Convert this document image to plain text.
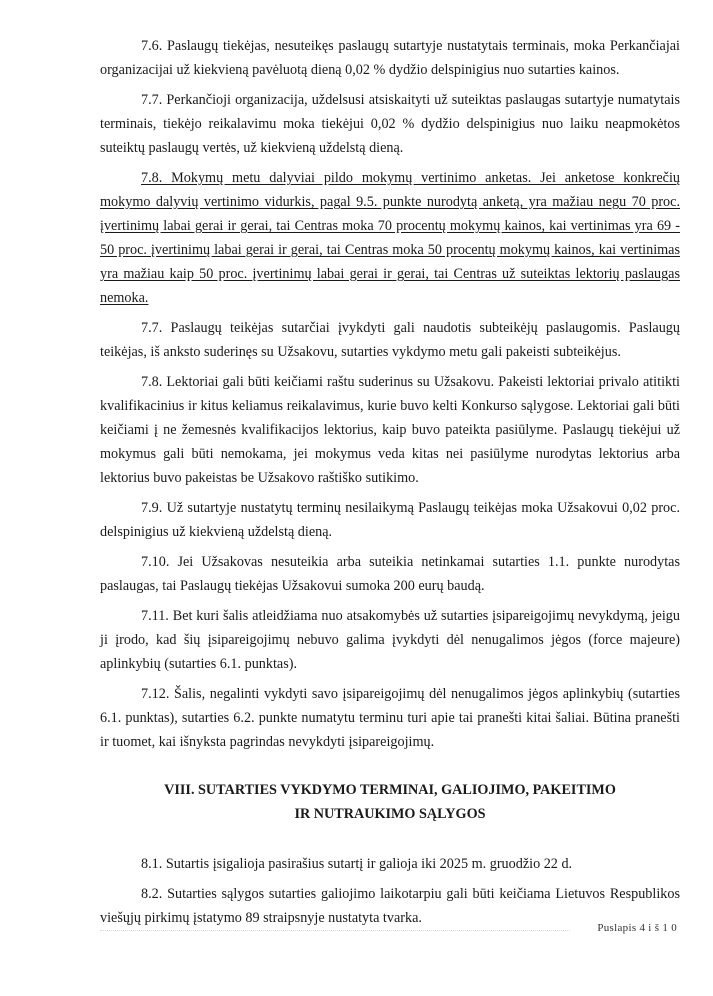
7.6. Paslaugų tiekėjas, nesuteikęs paslaugų sutartyje nustatytais terminais, moka Perkančiajai organizacijai už kiekvieną pavėluotą dieną 0,02 % dydžio delspinigius nuo sutarties kainos.

7.7. Perkančioji organizacija, uždelsusi atsiskaityti už suteiktas paslaugas sutartyje numatytais terminais, tiekėjo reikalavimu moka tiekėjui 0,02 % dydžio delspinigius nuo laiku neapmokėtos suteiktų paslaugų vertės, už kiekvieną uždelstą dieną.

7.8. Mokymų metu dalyviai pildo mokymų vertinimo anketas. Jei anketose konkrečių mokymo dalyvių vertinimo vidurkis, pagal 9.5. punkte nurodytą anketą, yra mažiau negu 70 proc. įvertinimų labai gerai ir gerai, tai Centras moka 70 procentų mokymų kainos, kai vertinimas yra 69 - 50 proc. įvertinimų labai gerai ir gerai, tai Centras moka 50 procentų mokymų kainos, kai vertinimas yra mažiau kaip 50 proc. įvertinimų labai gerai ir gerai, tai Centras už suteiktas lektorių paslaugas nemoka.

7.7. Paslaugų teikėjas sutarčiai įvykdyti gali naudotis subteikėjų paslaugomis. Paslaugų teikėjas, iš anksto suderinęs su Užsakovu, sutarties vykdymo metu gali pakeisti subteikėjus.

7.8. Lektoriai gali būti keičiami raštu suderinus su Užsakovu. Pakeisti lektoriai privalo atitikti kvalifikacinius ir kitus keliamus reikalavimus, kurie buvo kelti Konkurso sąlygose. Lektoriai gali būti keičiami į ne žemesnės kvalifikacijos lektorius, kaip buvo pateikta pasiūlyme. Paslaugų tiekėjui už mokymus gali būti nemokama, jei mokymus veda kitas nei pasiūlyme nurodytas lektorius arba lektorius buvo pakeistas be Užsakovo raštiško sutikimo.

7.9. Už sutartyje nustatytų terminų nesilaikymą Paslaugų teikėjas moka Užsakovui 0,02 proc. delspinigius už kiekvieną uždelstą dieną.

7.10. Jei Užsakovas nesuteikia arba suteikia netinkamai sutarties 1.1. punkte nurodytas paslaugas, tai Paslaugų tiekėjas Užsakovui sumoka 200 eurų baudą.

7.11. Bet kuri šalis atleidžiama nuo atsakomybės už sutarties įsipareigojimų nevykdymą, jeigu ji įrodo, kad šių įsipareigojimų nebuvo galima įvykdyti dėl nenugalimos jėgos (force majeure) aplinkybių (sutarties 6.1. punktas).

7.12. Šalis, negalinti vykdyti savo įsipareigojimų dėl nenugalimos jėgos aplinkybių (sutarties 6.1. punktas), sutarties 6.2. punkte numatytu terminu turi apie tai pranešti kitai šaliai. Būtina pranešti ir tuomet, kai išnyksta pagrindas nevykdyti įsipareigojimų.

VIII. SUTARTIES VYKDYMO TERMINAI, GALIOJIMO, PAKEITIMO
IR NUTRAUKIMO SĄLYGOS

8.1. Sutartis įsigalioja pasirašius sutartį ir galioja iki 2025 m. gruodžio 22 d.

8.2. Sutarties sąlygos sutarties galiojimo laikotarpiu gali būti keičiama Lietuvos Respublikos viešųjų pirkimų įstatymo 89 straipsnyje nustatyta tvarka.

Puslapis 4 i š 1 0
